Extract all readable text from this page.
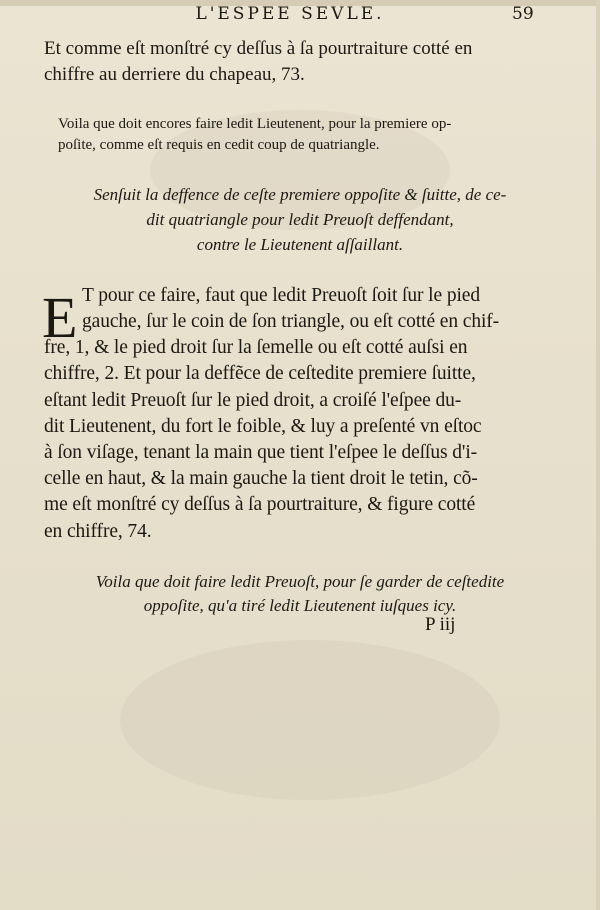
L'ESPEE SEVLE.	59
Et comme eſt monſtré cy deſſus à ſa pourtraiture cotté en
chiffre au derriere du chapeau, 73.
Voila que doit encores faire ledit Lieutenent, pour la premiere op-
poſite, comme eſt requis en cedit coup de quatriangle.
Senſuit la deffence de ceſte premiere oppoſite & ſuitte, de ce-
dit quatriangle pour ledit Preuoſt deffendant,
contre le Lieutenent aſſaillant.
E T pour ce faire, faut que ledit Preuoſt ſoit ſur le pied
gauche, ſur le coin de ſon triangle, ou eſt cotté en chif-
fre, 1, & le pied droit ſur la ſemelle ou eſt cotté auſsi en
chiffre, 2. Et pour la deffẽce de ceſtedite premiere ſuitte,
eſtant ledit Preuoſt ſur le pied droit, a croiſé l'eſpee du-
dit Lieutenent, du fort le foible, & luy a preſenté vn eſtoc
à ſon viſage, tenant la main que tient l'eſpee le deſſus d'i-
celle en haut, & la main gauche la tient droit le tetin, cõ-
me eſt monſtré cy deſſus à ſa pourtraiture, & figure cotté
en chiffre, 74.
Voila que doit faire ledit Preuoſt, pour ſe garder de ceſtedite
oppoſite, qu'a tiré ledit Lieutenent iuſques icy.
P iij
